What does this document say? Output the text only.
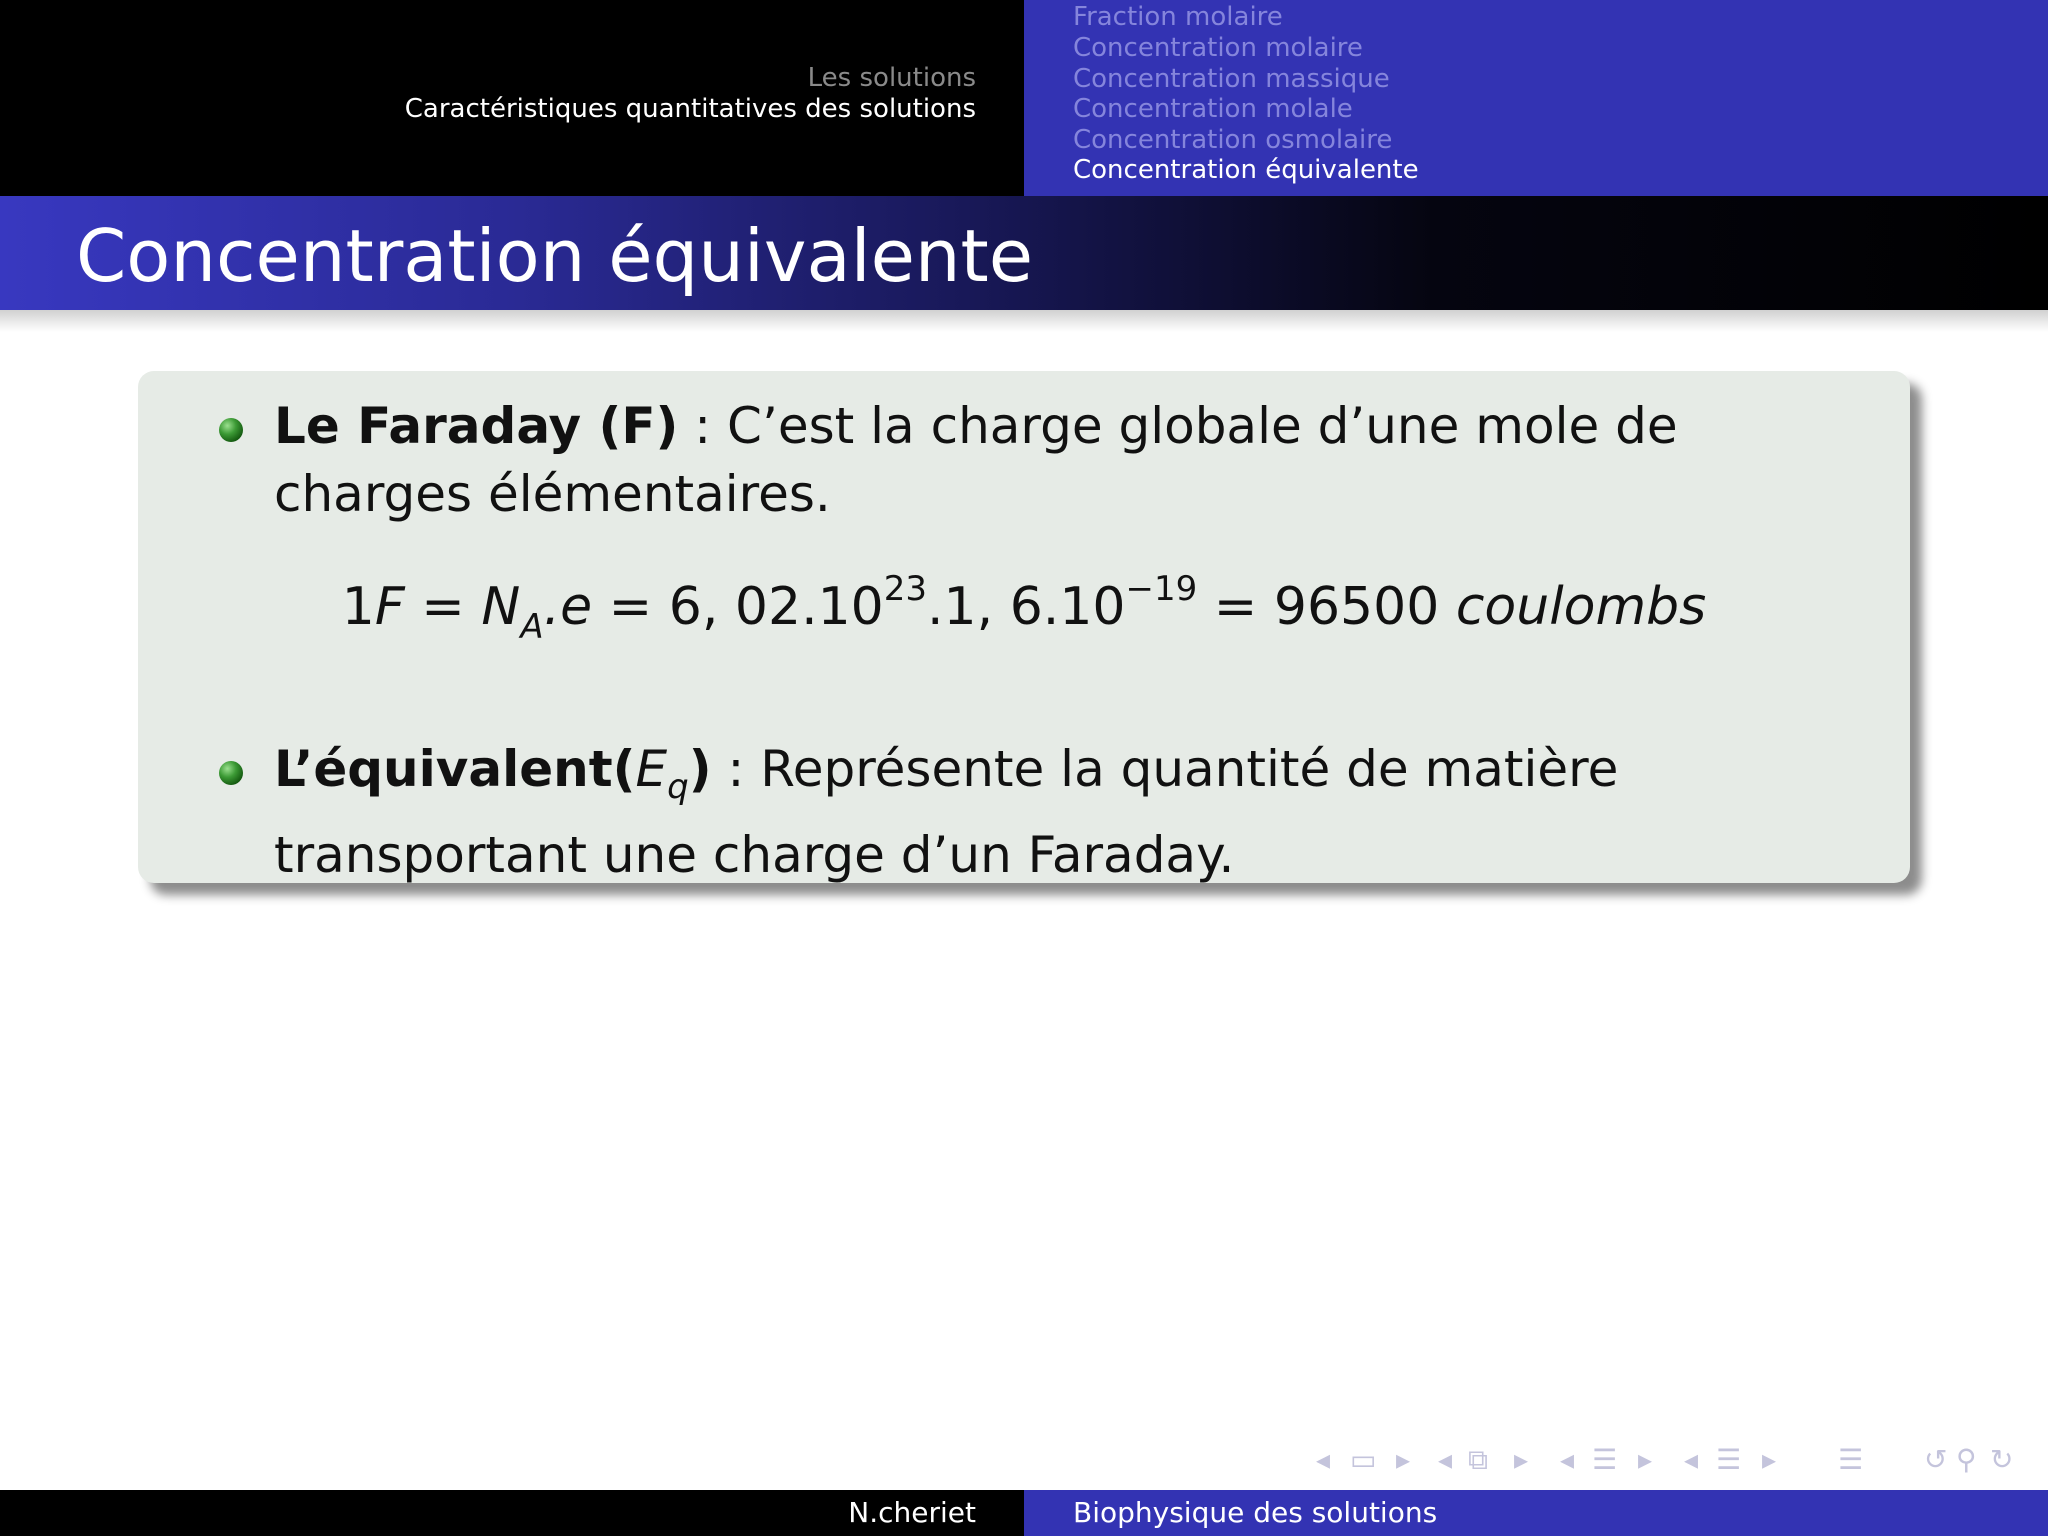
Les solutions
Caractéristiques quantitatives des solutions
Fraction molaire
Concentration molaire
Concentration massique
Concentration molale
Concentration osmolaire
Concentration équivalente
Concentration équivalente
Le Faraday (F) : C’est la charge globale d’une mole de charges élémentaires.
$1F = N_A.e = 6$, 02.10$^{23}$.1, $6.10^{-19} = 96500$ coulombs
$L’équivalent(E_q)$ : Représente la quantité de matière transportant une charge d’un Faraday.
◂ ▭ ▸ ◂ ⧉ ▸ ◂ ☰ ▸ ◂ ☰ ▸ ☰ ↺ ⚲ ↻
N.cheriet	Biophysique des solutions
